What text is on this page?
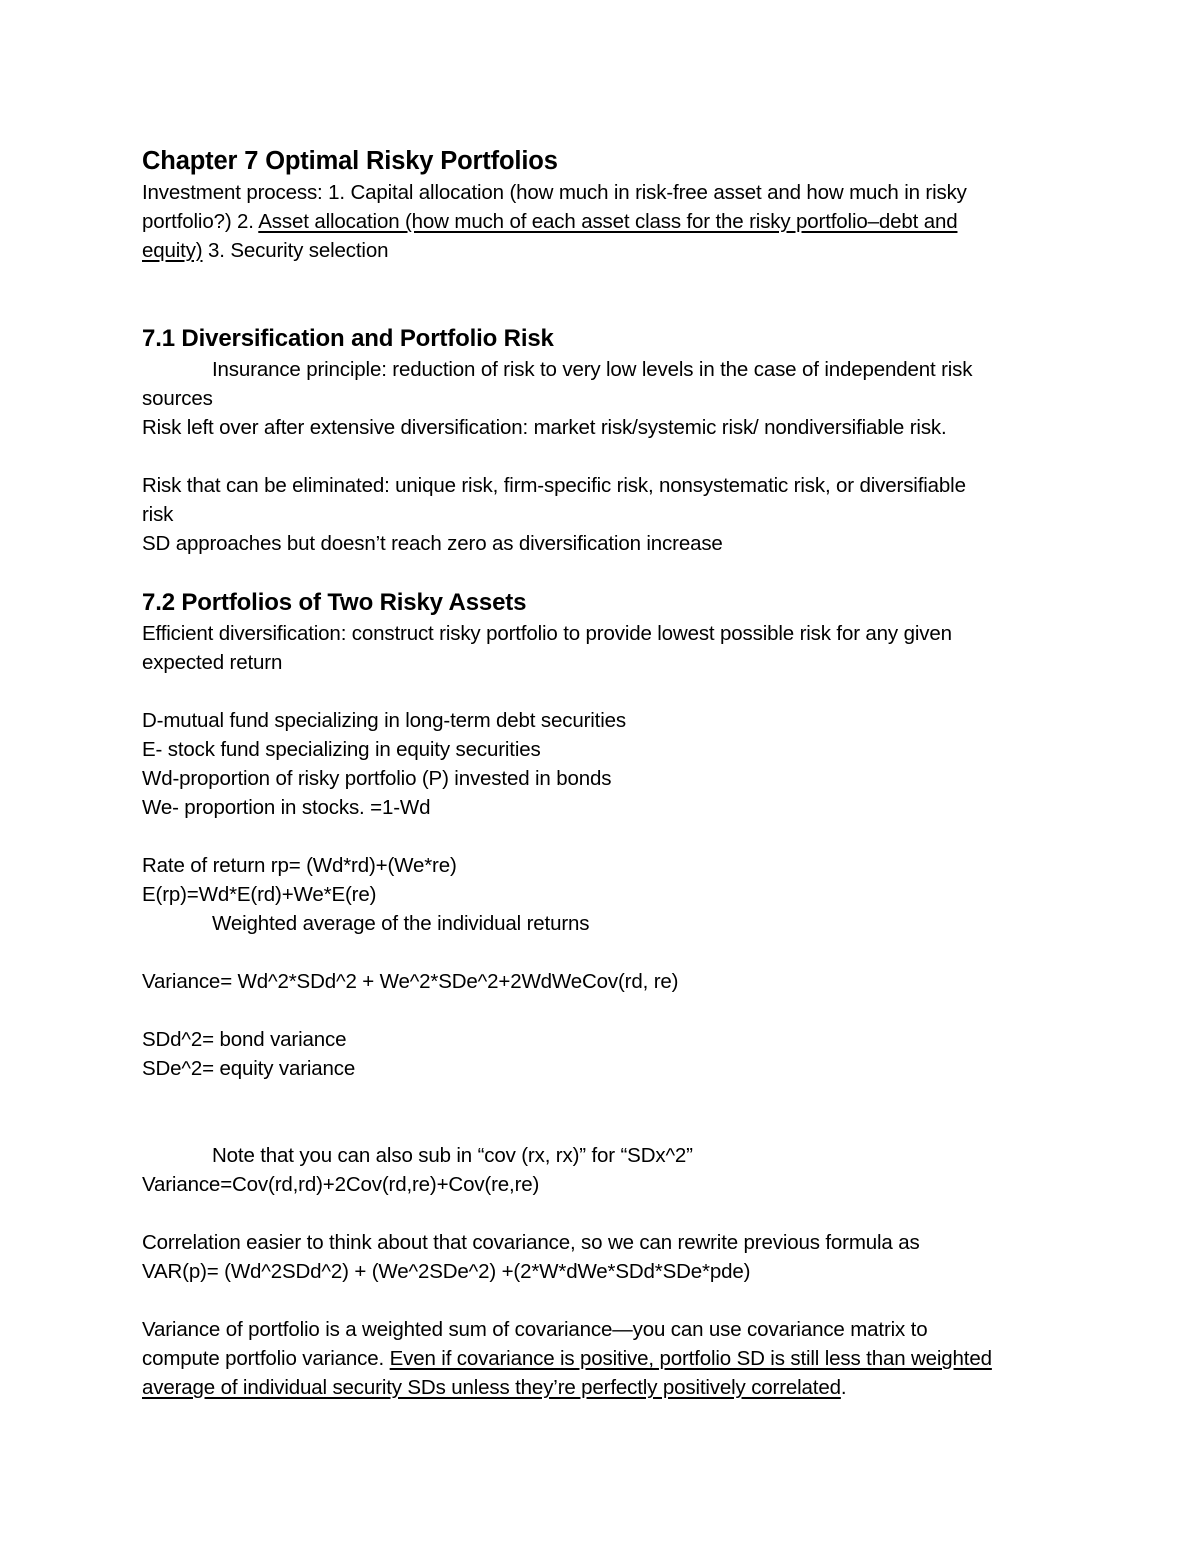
Chapter 7 Optimal Risky Portfolios
Investment process: 1. Capital allocation (how much in risk-free asset and how much in risky
portfolio?) 2. Asset allocation (how much of each asset class for the risky portfolio–debt and
equity) 3. Security selection
7.1 Diversification and Portfolio Risk
Insurance principle: reduction of risk to very low levels in the case of independent risk
sources
Risk left over after extensive diversification: market risk/systemic risk/ nondiversifiable risk.
Risk that can be eliminated: unique risk, firm-specific risk, nonsystematic risk, or diversifiable
risk
SD approaches but doesn’t reach zero as diversification increase
7.2 Portfolios of Two Risky Assets
Efficient diversification: construct risky portfolio to provide lowest possible risk for any given
expected return
D-mutual fund specializing in long-term debt securities
E- stock fund specializing in equity securities
Wd-proportion of risky portfolio (P) invested in bonds
We- proportion in stocks. =1-Wd
Rate of return rp= (Wd*rd)+(We*re)
E(rp)=Wd*E(rd)+We*E(re)
Weighted average of the individual returns
Variance= Wd^2*SDd^2 + We^2*SDe^2+2WdWeCov(rd, re)
SDd^2= bond variance
SDe^2= equity variance
Note that you can also sub in “cov (rx, rx)” for “SDx^2”
Variance=Cov(rd,rd)+2Cov(rd,re)+Cov(re,re)
Correlation easier to think about that covariance, so we can rewrite previous formula as
VAR(p)= (Wd^2SDd^2) + (We^2SDe^2) +(2*W*dWe*SDd*SDe*pde)
Variance of portfolio is a weighted sum of covariance—you can use covariance matrix to
compute portfolio variance. Even if covariance is positive, portfolio SD is still less than weighted
average of individual security SDs unless they’re perfectly positively correlated.
